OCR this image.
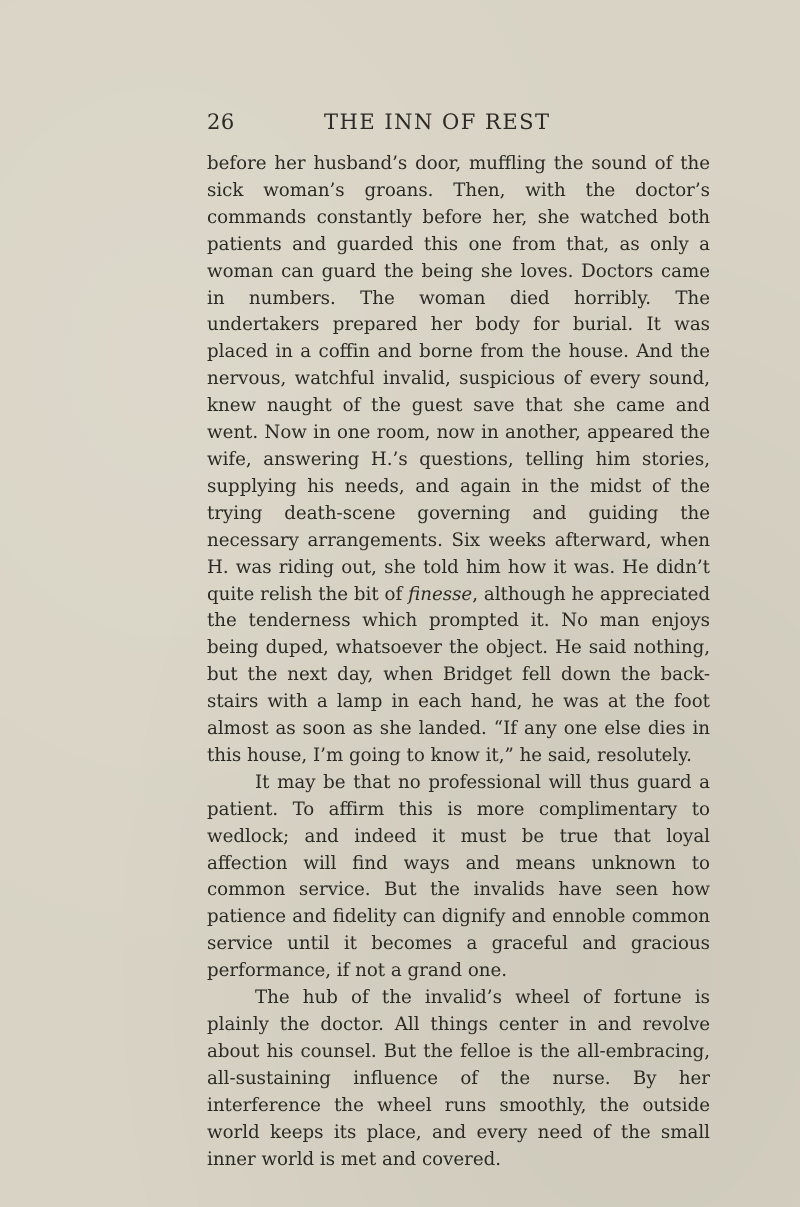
26	THE INN OF REST

before her husband’s door, muffling the sound of the sick woman’s groans. Then, with the doctor’s commands constantly before her, she watched both patients and guarded this one from that, as only a woman can guard the being she loves. Doctors came in numbers. The woman died horribly. The undertakers prepared her body for burial. It was placed in a coffin and borne from the house. And the nervous, watchful invalid, suspicious of every sound, knew naught of the guest save that she came and went. Now in one room, now in another, appeared the wife, answering H.’s questions, telling him stories, supplying his needs, and again in the midst of the trying death-scene governing and guiding the necessary arrangements. Six weeks afterward, when H. was riding out, she told him how it was. He didn’t quite relish the bit of finesse, although he appreciated the tenderness which prompted it. No man enjoys being duped, whatsoever the object. He said nothing, but the next day, when Bridget fell down the back-stairs with a lamp in each hand, he was at the foot almost as soon as she landed. “If any one else dies in this house, I’m going to know it,” he said, resolutely.

It may be that no professional will thus guard a patient. To affirm this is more complimentary to wedlock; and indeed it must be true that loyal affection will find ways and means unknown to common service. But the invalids have seen how patience and fidelity can dignify and ennoble common service until it becomes a graceful and gracious performance, if not a grand one.

The hub of the invalid’s wheel of fortune is plainly the doctor. All things center in and revolve about his counsel. But the felloe is the all-embracing, all-sustaining influence of the nurse. By her interference the wheel runs smoothly, the outside world keeps its place, and every need of the small inner world is met and covered.
